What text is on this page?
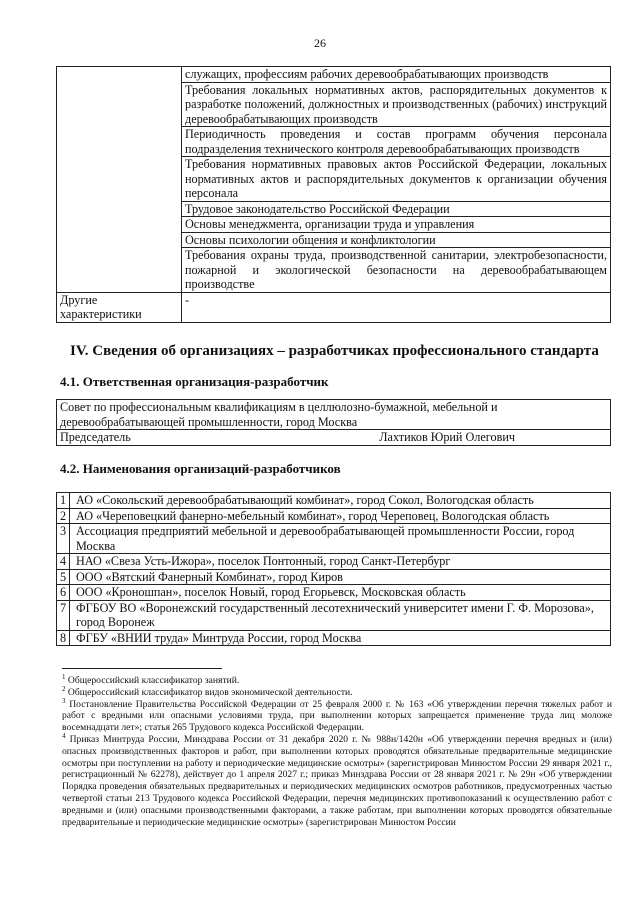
26
	служащих, профессиям рабочих деревообрабатывающих производств
	Требования локальных нормативных актов, распорядительных документов к разработке положений, должностных и производственных (рабочих) инструкций деревообрабатывающих производств
	Периодичность проведения и состав программ обучения персонала подразделения технического контроля деревообрабатывающих производств
	Требования нормативных правовых актов Российской Федерации, локальных нормативных актов и распорядительных документов к организации обучения персонала
	Трудовое законодательство Российской Федерации
	Основы менеджмента, организации труда и управления
	Основы психологии общения и конфликтологии
	Требования охраны труда, производственной санитарии, электробезопасности, пожарной и экологической безопасности на деревообрабатывающем производстве
Другие характеристики	-
IV. Сведения об организациях – разработчиках профессионального стандарта
4.1. Ответственная организация-разработчик
Совет по профессиональным квалификациям в целлюлозно-бумажной, мебельной и деревообрабатывающей промышленности, город Москва

Председатель	Лахтиков Юрий Олегович
4.2. Наименования организаций-разработчиков
1	АО «Сокольский деревообрабатывающий комбинат», город Сокол, Вологодская область
2	АО «Череповецкий фанерно-мебельный комбинат», город Череповец, Вологодская область
3	Ассоциация предприятий мебельной и деревообрабатывающей промышленности России, город Москва
4	НАО «Свеза Усть-Ижора», поселок Понтонный, город Санкт-Петербург
5	ООО «Вятский Фанерный Комбинат», город Киров
6	ООО «Кроношпан», поселок Новый, город Егорьевск, Московская область
7	ФГБОУ ВО «Воронежский государственный лесотехнический университет имени Г. Ф. Морозова», город Воронеж
8	ФГБУ «ВНИИ труда» Минтруда России, город Москва

$^1$ Общероссийский классификатор занятий.

$^2$ Общероссийский классификатор видов экономической деятельности.

$^3$ Постановление Правительства Российской Федерации от 25 февраля 2000 г. № 163 «Об утверждении перечня тяжелых работ и работ с вредными или опасными условиями труда, при выполнении которых запрещается применение труда лиц моложе восемнадцати лет»; статья 265 Трудового кодекса Российской Федерации.

$^4$ Приказ Минтруда России, Минздрава России от 31 декабря 2020 г. № 988н/1420н «Об утверждении перечня вредных и (или) опасных производственных факторов и работ, при выполнении которых проводятся обязательные предварительные медицинские осмотры при поступлении на работу и периодические медицинские осмотры» (зарегистрирован Минюстом России 29 января 2021 г., регистрационный № 62278), действует до 1 апреля 2027 г.; приказ Минздрава России от 28 января 2021 г. № 29н «Об утверждении Порядка проведения обязательных предварительных и периодических медицинских осмотров работников, предусмотренных частью четвертой статьи 213 Трудового кодекса Российской Федерации, перечня медицинских противопоказаний к осуществлению работ с вредными и (или) опасными производственными факторами, а также работам, при выполнении которых проводятся обязательные предварительные и периодические медицинские осмотры» (зарегистрирован Минюстом России
